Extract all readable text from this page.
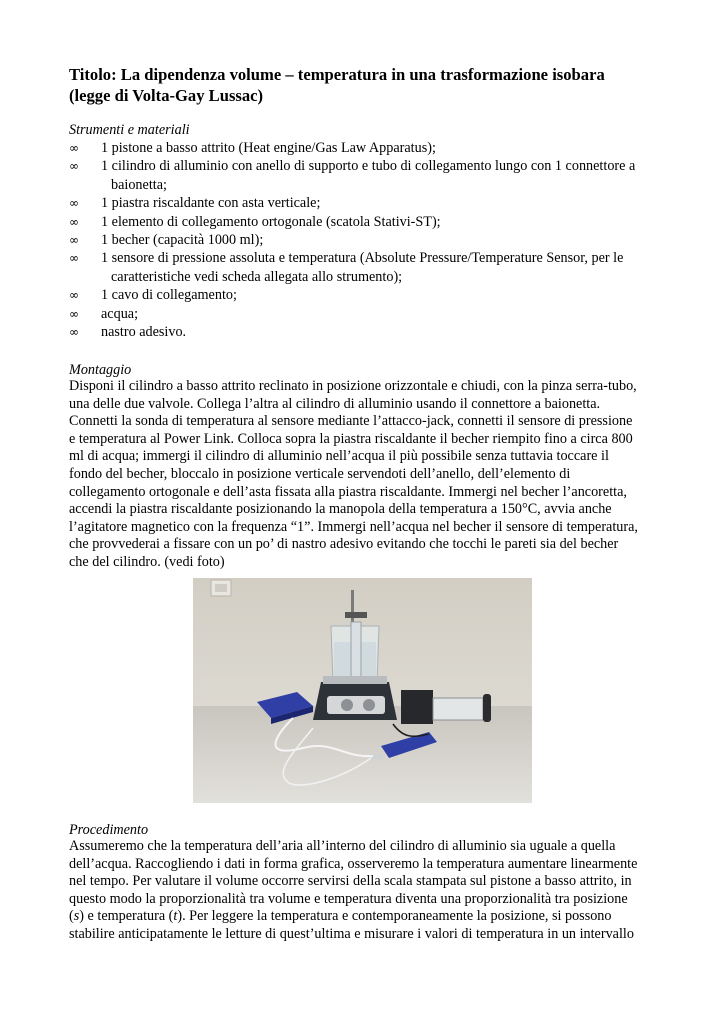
Titolo: La dipendenza volume – temperatura in una trasformazione isobara
(legge di Volta-Gay Lussac)

Strumenti e materiali

∞ 1 pistone a basso attrito (Heat engine/Gas Law Apparatus);
∞ 1 cilindro di alluminio con anello di supporto e tubo di collegamento lungo con 1 connettore a
baionetta;
∞ 1 piastra riscaldante con asta verticale;
∞ 1 elemento di collegamento ortogonale (scatola Stativi-ST);
∞ 1 becher (capacità 1000 ml);
∞ 1 sensore di pressione assoluta e temperatura (Absolute Pressure/Temperature Sensor, per le
caratteristiche vedi scheda allegata allo strumento);
∞ 1 cavo di collegamento;
∞ acqua;
∞ nastro adesivo.

Montaggio

Disponi il cilindro a basso attrito reclinato in posizione orizzontale e chiudi, con la pinza serra-tubo,
una delle due valvole. Collega l’altra al cilindro di alluminio usando il connettore a baionetta.
Connetti la sonda di temperatura al sensore mediante l’attacco-jack, connetti il sensore di pressione
e temperatura al Power Link. Colloca sopra la piastra riscaldante il becher riempito fino a circa 800
ml di acqua; immergi il cilindro di alluminio nell’acqua il più possibile senza tuttavia toccare il
fondo del becher, bloccalo in posizione verticale servendoti dell’anello, dell’elemento di
collegamento ortogonale e dell’asta fissata alla piastra riscaldante. Immergi nel becher l’ancoretta,
accendi la piastra riscaldante posizionando la manopola della temperatura a 150°C, avvia anche
l’agitatore magnetico con la frequenza “1”. Immergi nell’acqua nel becher il sensore di temperatura,
che provvederai a fissare con un po’ di nastro adesivo evitando che tocchi le pareti sia del becher
che del cilindro. (vedi foto)

Procedimento

Assumeremo che la temperatura dell’aria all’interno del cilindro di alluminio sia uguale a quella
dell’acqua. Raccogliendo i dati in forma grafica, osserveremo la temperatura aumentare linearmente
nel tempo. Per valutare il volume occorre servirsi della scala stampata sul pistone a basso attrito, in
questo modo la proporzionalità tra volume e temperatura diventa una proporzionalità tra posizione
(s) e temperatura (t). Per leggere la temperatura e contemporaneamente la posizione, si possono
stabilire anticipatamente le letture di quest’ultima e misurare i valori di temperatura in un intervallo
